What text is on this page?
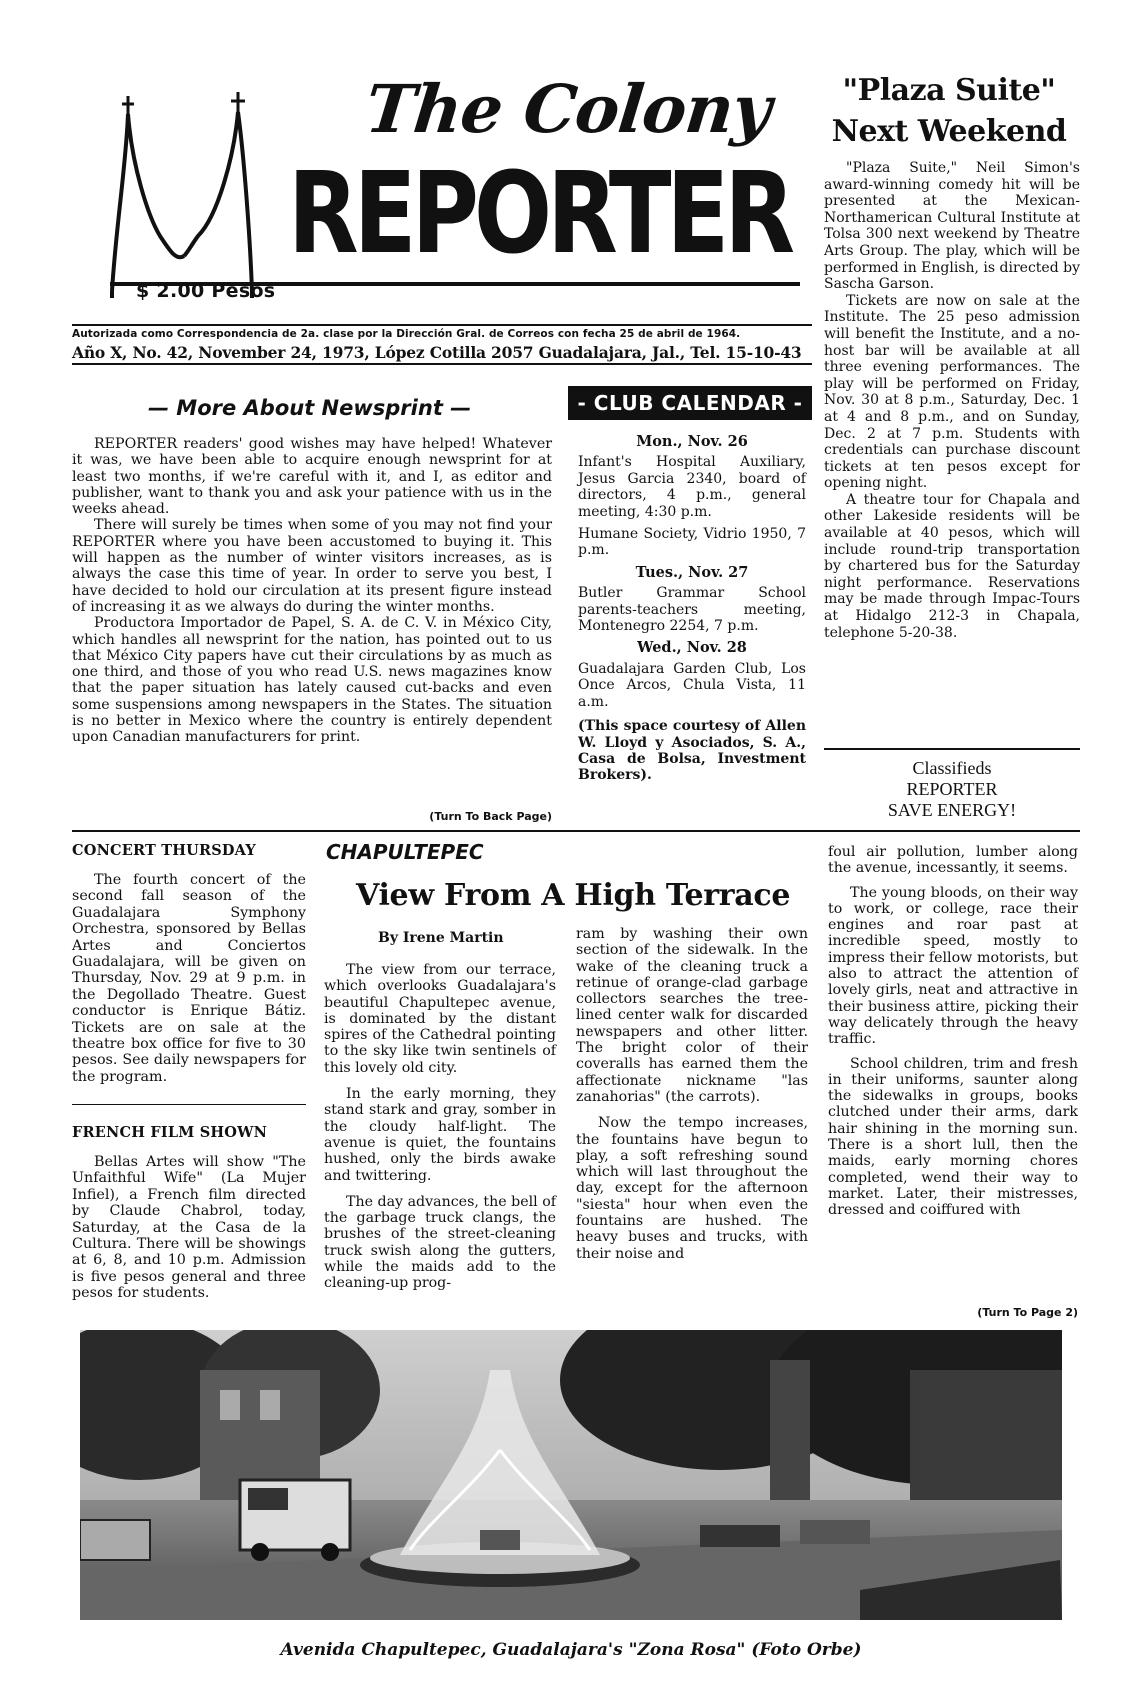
The Colony
REPORTER
$ 2.00 Pesos
Autorizada como Correspondencia de 2a. clase por la Dirección Gral. de Correos con fecha 25 de abril de 1964.
Año X, No. 42, November 24, 1973, López Cotilla 2057 Guadalajara, Jal., Tel. 15-10-43
"Plaza Suite" Next Weekend

"Plaza Suite," Neil Simon's award-winning comedy hit will be presented at the Mexican-Northamerican Cultural Institute at Tolsa 300 next weekend by Theatre Arts Group. The play, which will be performed in English, is directed by Sascha Garson.

Tickets are now on sale at the Institute. The 25 peso admission will benefit the Institute, and a no-host bar will be available at all three evening performances. The play will be performed on Friday, Nov. 30 at 8 p.m., Saturday, Dec. 1 at 4 and 8 p.m., and on Sunday, Dec. 2 at 7 p.m. Students with credentials can purchase discount tickets at ten pesos except for opening night.

A theatre tour for Chapala and other Lakeside residents will be available at 40 pesos, which will include round-trip transportation by chartered bus for the Saturday night performance. Reservations may be made through Impac-Tours at Hidalgo 212-3 in Chapala, telephone 5-20-38.

Classifieds
REPORTER
SAVE ENERGY!
— More About Newsprint —

REPORTER readers' good wishes may have helped! Whatever it was, we have been able to acquire enough newsprint for at least two months, if we're careful with it, and I, as editor and publisher, want to thank you and ask your patience with us in the weeks ahead.

There will surely be times when some of you may not find your REPORTER where you have been accustomed to buying it. This will happen as the number of winter visitors increases, as is always the case this time of year. In order to serve you best, I have decided to hold our circulation at its present figure instead of increasing it as we always do during the winter months.

Productora Importador de Papel, S. A. de C. V. in México City, which handles all newsprint for the nation, has pointed out to us that México City papers have cut their circulations by as much as one third, and those of you who read U.S. news magazines know that the paper situation has lately caused cut-backs and even some suspensions among newspapers in the States. The situation is no better in Mexico where the country is entirely dependent upon Canadian manufacturers for print.

(Turn To Back Page)
- CLUB CALENDAR -
Mon., Nov. 26

Infant's Hospital Auxiliary, Jesus Garcia 2340, board of directors, 4 p.m., general meeting, 4:30 p.m.

Humane Society, Vidrio 1950, 7 p.m.

Tues., Nov. 27

Butler Grammar School parents-teachers meeting, Montenegro 2254, 7 p.m.

Wed., Nov. 28

Guadalajara Garden Club, Los Once Arcos, Chula Vista, 11 a.m.

(This space courtesy of Allen W. Lloyd y Asociados, S. A., Casa de Bolsa, Investment Brokers).

CONCERT THURSDAY

The fourth concert of the second fall season of the Guadalajara Symphony Orchestra, sponsored by Bellas Artes and Conciertos Guadalajara, will be given on Thursday, Nov. 29 at 9 p.m. in the Degollado Theatre. Guest conductor is Enrique Bátiz. Tickets are on sale at the theatre box office for five to 30 pesos. See daily newspapers for the program.

FRENCH FILM SHOWN

Bellas Artes will show "The Unfaithful Wife" (La Mujer Infiel), a French film directed by Claude Chabrol, today, Saturday, at the Casa de la Cultura. There will be showings at 6, 8, and 10 p.m. Admission is five pesos general and three pesos for students.

CHAPULTEPEC
View From A High Terrace
By Irene Martin

The view from our terrace, which overlooks Guadalajara's beautiful Chapultepec avenue, is dominated by the distant spires of the Cathedral pointing to the sky like twin sentinels of this lovely old city.

In the early morning, they stand stark and gray, somber in the cloudy half-light. The avenue is quiet, the fountains hushed, only the birds awake and twittering.

The day advances, the bell of the garbage truck clangs, the brushes of the street-cleaning truck swish along the gutters, while the maids add to the cleaning-up prog-

ram by washing their own section of the sidewalk. In the wake of the cleaning truck a retinue of orange-clad garbage collectors searches the tree-lined center walk for discarded newspapers and other litter. The bright color of their coveralls has earned them the affectionate nickname "las zanahorias" (the carrots).

Now the tempo increases, the fountains have begun to play, a soft refreshing sound which will last throughout the day, except for the afternoon "siesta" hour when even the fountains are hushed. The heavy buses and trucks, with their noise and

foul air pollution, lumber along the avenue, incessantly, it seems.

The young bloods, on their way to work, or college, race their engines and roar past at incredible speed, mostly to impress their fellow motorists, but also to attract the attention of lovely girls, neat and attractive in their business attire, picking their way delicately through the heavy traffic.

School children, trim and fresh in their uniforms, saunter along the sidewalks in groups, books clutched under their arms, dark hair shining in the morning sun. There is a short lull, then the maids, early morning chores completed, wend their way to market. Later, their mistresses, dressed and coiffured with

(Turn To Page 2)
Avenida Chapultepec, Guadalajara's "Zona Rosa" (Foto Orbe)
